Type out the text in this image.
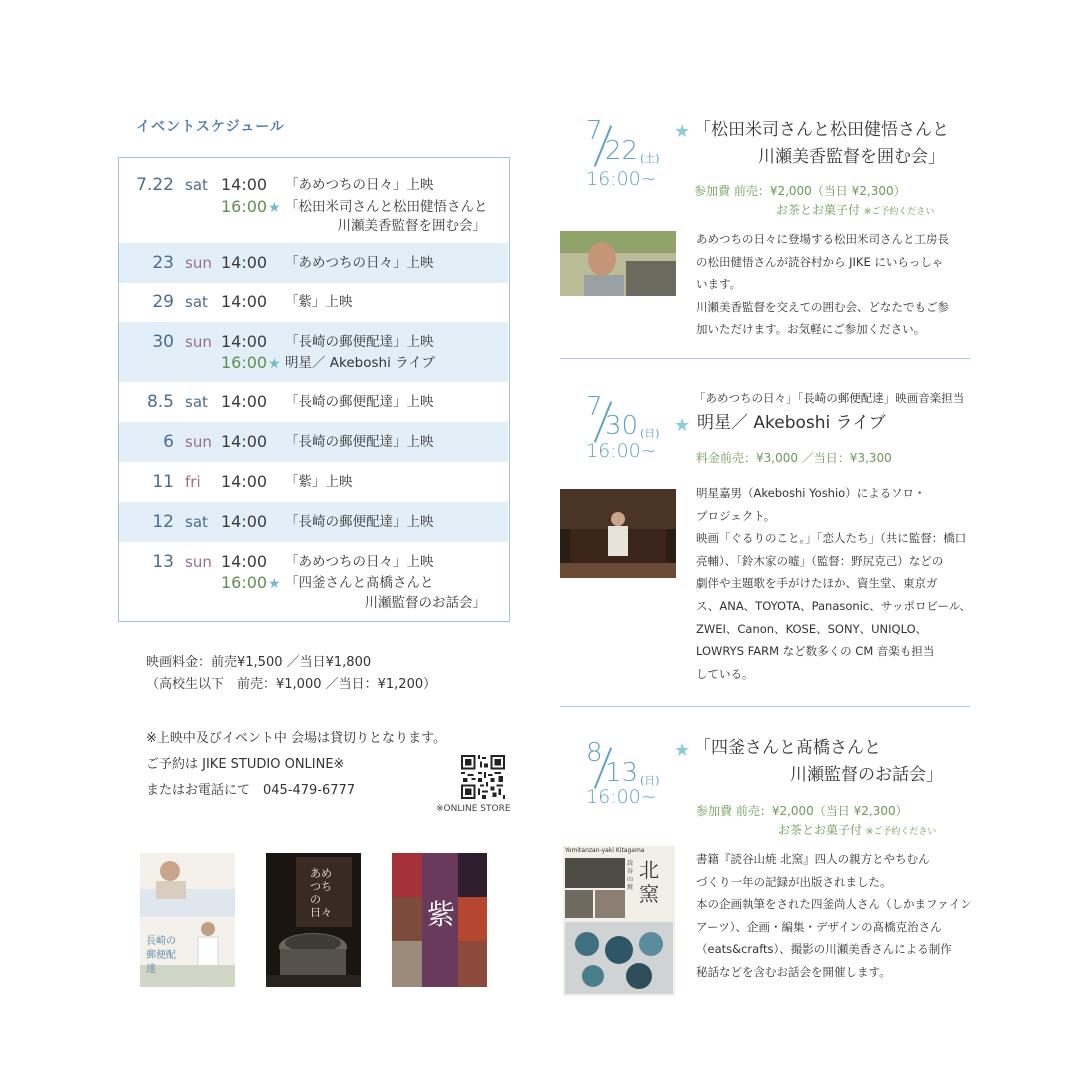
イベントスケジュール
7.22 sat 14:00 「あめつちの日々」上映
16:00 ★ 「松田米司さんと松田健悟さんと
川瀬美香監督を囲む会」
23 sun 14:00 「あめつちの日々」上映
29 sat 14:00 「紫」上映
30 sun 14:00 「長崎の郵便配達」上映
16:00 ★ 明星／ Akeboshi ライブ
8.5 sat 14:00 「長崎の郵便配達」上映
6 sun 14:00 「長崎の郵便配達」上映
11 fri 14:00 「紫」上映
12 sat 14:00 「長崎の郵便配達」上映
13 sun 14:00 「あめつちの日々」上映
16:00 ★ 「四釜さんと髙橋さんと
川瀬監督のお話会」
映画料金：前売¥1,500 ／当日¥1,800
（高校生以下　前売：¥1,000 ／当日：¥1,200）
※上映中及びイベント中 会場は貸切りとなります。
ご予約は JIKE STUDIO ONLINE※
またはお電話にて　045-479-6777
※ONLINE STORE
長崎の郵便配達
あめつちの日々	紫
7
22 (土)
16:00~
★ 「松田米司さんと松田健悟さんと
川瀬美香監督を囲む会」
参加費 前売：¥2,000（当日 ¥2,300）
お茶とお菓子付 ※ご予約ください
あめつちの日々に登場する松田米司さんと工房長
の松田健悟さんが読谷村から JIKE にいらっしゃ
います。
川瀬美香監督を交えての囲む会、どなたでもご参
加いただけます。お気軽にご参加ください。
7
30 (日)
16:00~
「あめつちの日々」「長崎の郵便配達」映画音楽担当
★ 明星／ Akeboshi ライブ
料金前売：¥3,000 ／当日：¥3,300
明星嘉男（Akeboshi Yoshio）によるソロ・
プロジェクト。
映画「ぐるりのこと。」「恋人たち」（共に監督：橋口
亮輔）、「鈴木家の嘘」（監督：野尻克己）などの
劇伴や主題歌を手がけたほか、資生堂、東京ガ
ス、ANA、TOYOTA、Panasonic、サッポロビール、
ZWEI、Canon、KOSE、SONY、UNIQLO、
LOWRYS FARM など数多くの CM 音楽も担当
している。
8
13 (日)
16:00~
★ 「四釜さんと髙橋さんと
川瀬監督のお話会」
参加費 前売：¥2,000（当日 ¥2,300）
お茶とお菓子付 ※ご予約ください
Yomitanzan-yaki Kitagama
北窯
読谷山焼
書籍『読谷山焼 北窯』四人の親方とやちむん
づくり一年の記録が出版されました。
本の企画執筆をされた四釜尚人さん（しかまファイン
アーツ）、企画・編集・デザインの髙橋克治さん
（eats&crafts）、撮影の川瀬美香さんによる制作
秘話などを含むお話会を開催します。
